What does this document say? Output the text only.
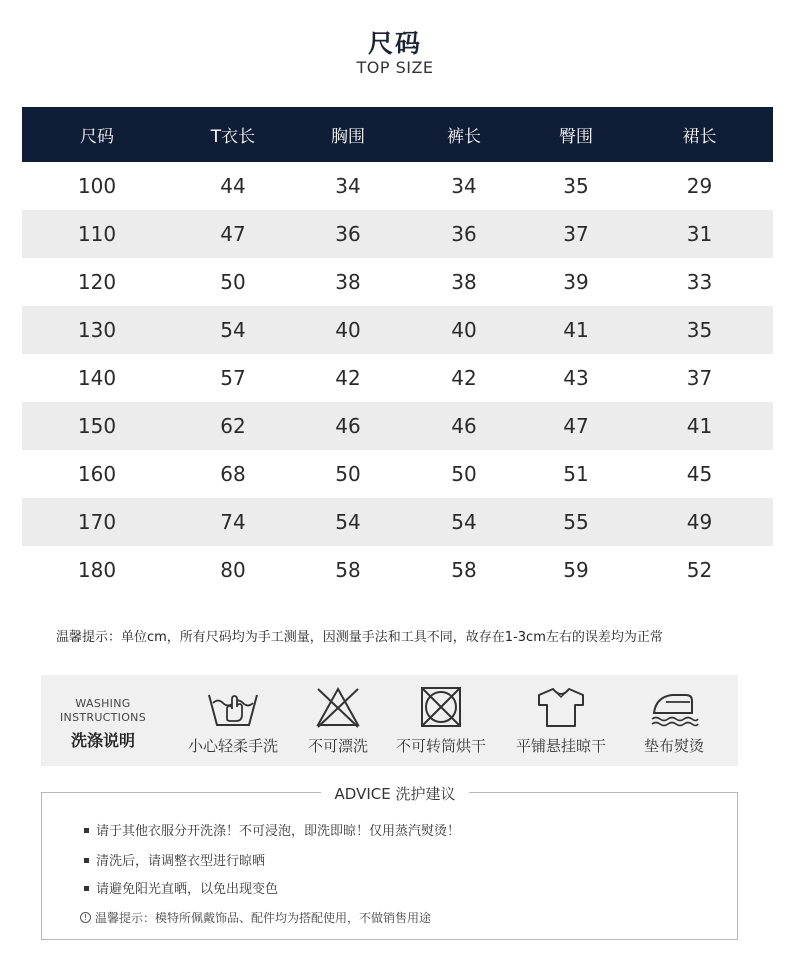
尺码
TOP SIZE
尺码	T衣长	胸围	裤长	臀围	裙长
100	44	34	34	35	29
110	47	36	36	37	31
120	50	38	38	39	33
130	54	40	40	41	35
140	57	42	42	43	37
150	62	46	46	47	41
160	68	50	50	51	45
170	74	54	54	55	49
180	80	58	58	59	52
温馨提示：单位cm，所有尺码均为手工测量，因测量手法和工具不同，故存在1-3cm左右的误差均为正常
WASHING
INSTRUCTIONS
洗涤说明	小心轻柔手洗	不可漂洗	不可转筒烘干	平铺悬挂晾干	垫布熨烫
ADVICE 洗护建议
请于其他衣服分开洗涤！不可浸泡，即洗即晾！仅用蒸汽熨烫！
清洗后，请调整衣型进行晾晒
请避免阳光直晒，以免出现变色
! 温馨提示：模特所佩戴饰品、配件均为搭配使用，不做销售用途
